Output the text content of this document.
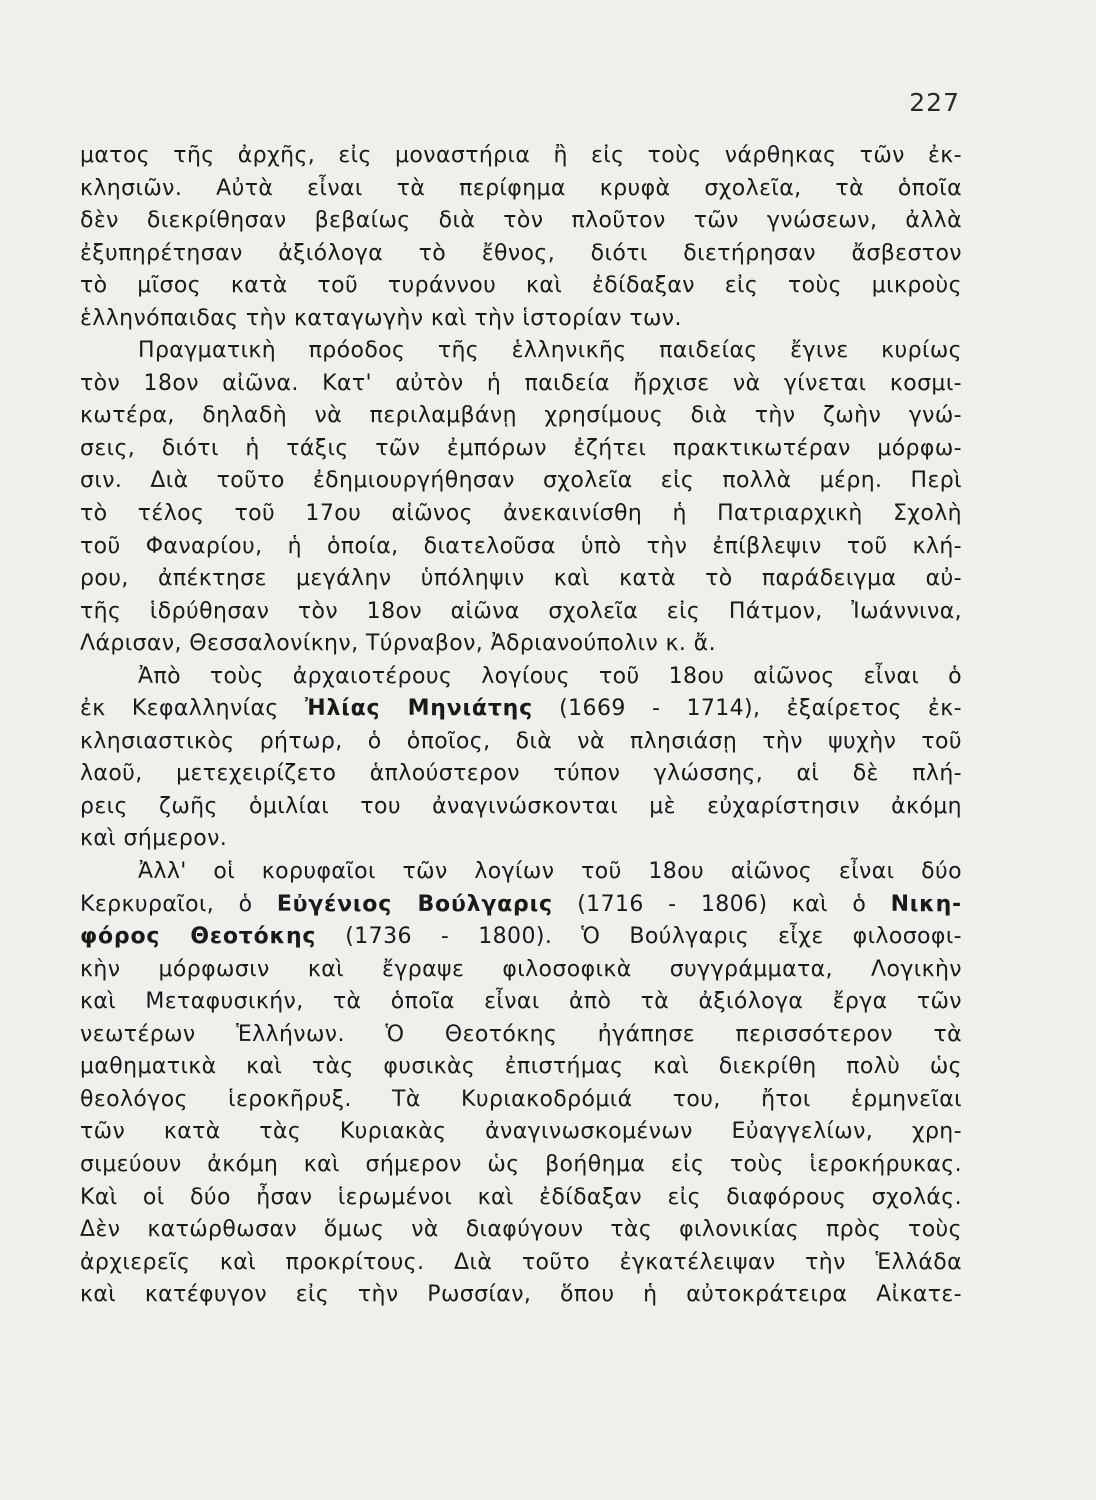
227
ματος τῆς ἀρχῆς, εἰς μοναστήρια ἢ εἰς τοὺς νάρθηκας τῶν ἐκ-
κλησιῶν. Αὐτὰ εἶναι τὰ περίφημα κρυφὰ σχολεῖα, τὰ ὁποῖα
δὲν διεκρίθησαν βεβαίως διὰ τὸν πλοῦτον τῶν γνώσεων, ἀλλὰ
ἐξυπηρέτησαν ἀξιόλογα τὸ ἔθνος, διότι διετήρησαν ἄσβεστον
τὸ μῖσος κατὰ τοῦ τυράννου καὶ ἐδίδαξαν εἰς τοὺς μικροὺς
ἑλληνόπαιδας τὴν καταγωγὴν καὶ τὴν ἱστορίαν των.
Πραγματικὴ πρόοδος τῆς ἑλληνικῆς παιδείας ἔγινε κυρίως
τὸν 18ον αἰῶνα. Κατ' αὐτὸν ἡ παιδεία ἤρχισε νὰ γίνεται κοσμι-
κωτέρα, δηλαδὴ νὰ περιλαμβάνῃ χρησίμους διὰ τὴν ζωὴν γνώ-
σεις, διότι ἡ τάξις τῶν ἐμπόρων ἐζήτει πρακτικωτέραν μόρφω-
σιν. Διὰ τοῦτο ἐδημιουργήθησαν σχολεῖα εἰς πολλὰ μέρη. Περὶ
τὸ τέλος τοῦ 17ου αἰῶνος ἀνεκαινίσθη ἡ Πατριαρχικὴ Σχολὴ
τοῦ Φαναρίου, ἡ ὁποία, διατελοῦσα ὑπὸ τὴν ἐπίβλεψιν τοῦ κλή-
ρου, ἀπέκτησε μεγάλην ὑπόληψιν καὶ κατὰ τὸ παράδειγμα αὐ-
τῆς ἱδρύθησαν τὸν 18ον αἰῶνα σχολεῖα εἰς Πάτμον, Ἰωάννινα,
Λάρισαν, Θεσσαλονίκην, Τύρναβον, Ἀδριανούπολιν κ. ἄ.
Ἀπὸ τοὺς ἀρχαιοτέρους λογίους τοῦ 18ου αἰῶνος εἶναι ὁ
ἐκ Κεφαλληνίας Ἠλίας Μηνιάτης (1669 - 1714), ἐξαίρετος ἐκ-
κλησιαστικὸς ρήτωρ, ὁ ὁποῖος, διὰ νὰ πλησιάσῃ τὴν ψυχὴν τοῦ
λαοῦ, μετεχειρίζετο ἁπλούστερον τύπον γλώσσης, αἱ δὲ πλή-
ρεις ζωῆς ὁμιλίαι του ἀναγινώσκονται μὲ εὐχαρίστησιν ἀκόμη
καὶ σήμερον.
Ἀλλ' οἱ κορυφαῖοι τῶν λογίων τοῦ 18ου αἰῶνος εἶναι δύο
Κερκυραῖοι, ὁ Εὐγένιος Βούλγαρις (1716 - 1806) καὶ ὁ Νικη-
φόρος Θεοτόκης (1736 - 1800). Ὁ Βούλγαρις εἶχε φιλοσοφι-
κὴν μόρφωσιν καὶ ἔγραψε φιλοσοφικὰ συγγράμματα, Λογικὴν
καὶ Μεταφυσικήν, τὰ ὁποῖα εἶναι ἀπὸ τὰ ἀξιόλογα ἔργα τῶν
νεωτέρων Ἑλλήνων. Ὁ Θεοτόκης ἠγάπησε περισσότερον τὰ
μαθηματικὰ καὶ τὰς φυσικὰς ἐπιστήμας καὶ διεκρίθη πολὺ ὡς
θεολόγος ἱεροκῆρυξ. Τὰ Κυριακοδρόμιά του, ἤτοι ἑρμηνεῖαι
τῶν κατὰ τὰς Κυριακὰς ἀναγινωσκομένων Εὐαγγελίων, χρη-
σιμεύουν ἀκόμη καὶ σήμερον ὡς βοήθημα εἰς τοὺς ἱεροκήρυκας.
Καὶ οἱ δύο ἦσαν ἱερωμένοι καὶ ἐδίδαξαν εἰς διαφόρους σχολάς.
Δὲν κατώρθωσαν ὅμως νὰ διαφύγουν τὰς φιλονικίας πρὸς τοὺς
ἀρχιερεῖς καὶ προκρίτους. Διὰ τοῦτο ἐγκατέλειψαν τὴν Ἑλλάδα
καὶ κατέφυγον εἰς τὴν Ρωσσίαν, ὅπου ἡ αὐτοκράτειρα Αἰκατε-
